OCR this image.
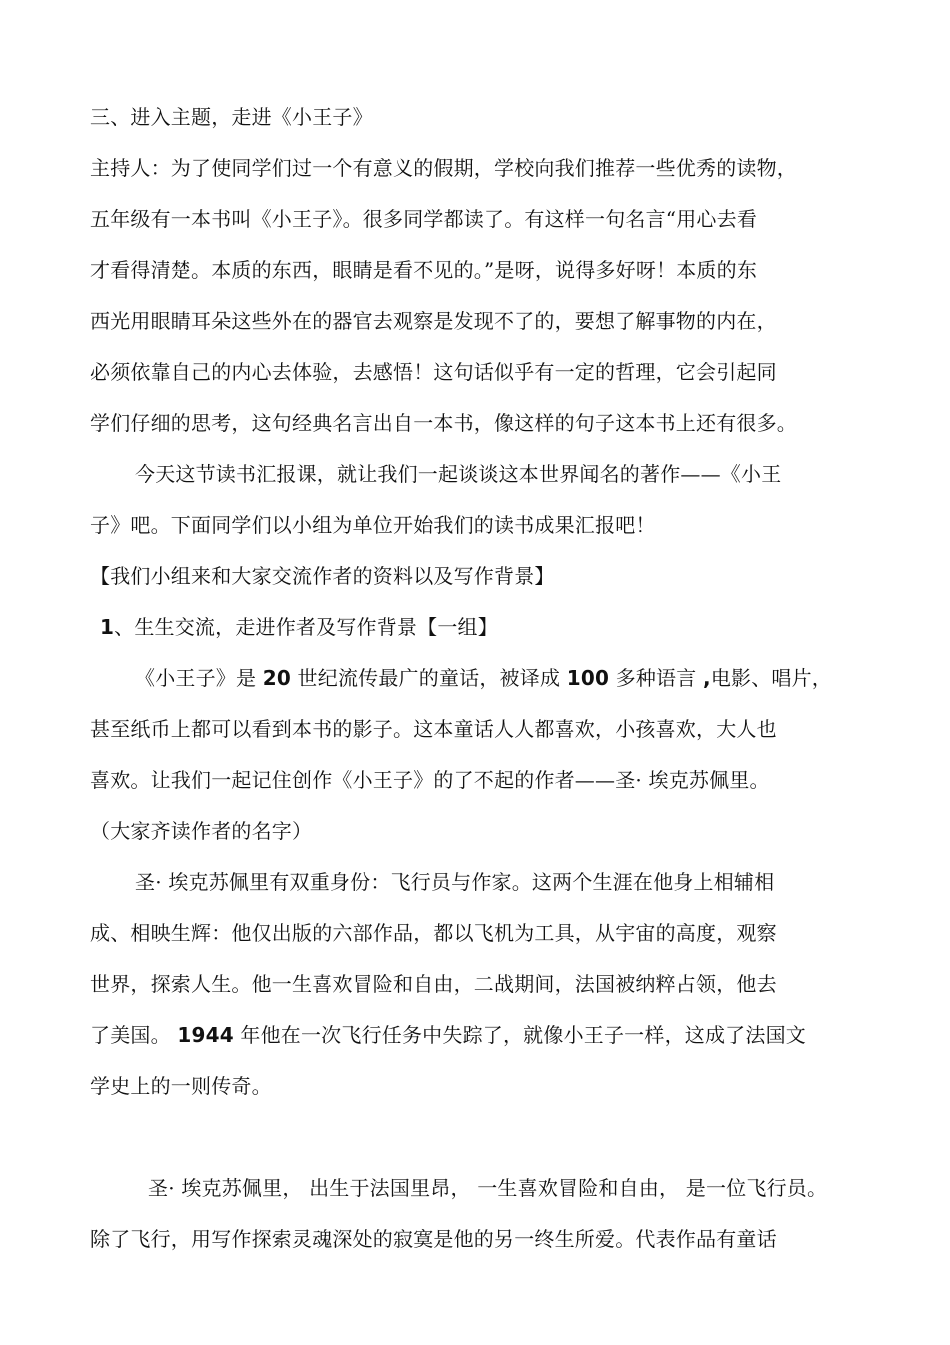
三、进入主题，走进《小王子》
主持人：为了使同学们过一个有意义的假期，学校向我们推荐一些优秀的读物，
五年级有一本书叫《小王子》。很多同学都读了。有这样一句名言“用心去看
才看得清楚。本质的东西，眼睛是看不见的。”是呀，说得多好呀！本质的东
西光用眼睛耳朵这些外在的器官去观察是发现不了的，要想了解事物的内在，
必须依靠自己的内心去体验，去感悟！这句话似乎有一定的哲理，它会引起同
学们仔细的思考，这句经典名言出自一本书，像这样的句子这本书上还有很多。
今天这节读书汇报课，就让我们一起谈谈这本世界闻名的著作——《小王
子》吧。下面同学们以小组为单位开始我们的读书成果汇报吧！
【我们小组来和大家交流作者的资料以及写作背景】
1、生生交流，走进作者及写作背景【一组】
《小王子》是 20 世纪流传最广的童话，被译成 100 多种语言 ,电影、唱片，
甚至纸币上都可以看到本书的影子。这本童话人人都喜欢，小孩喜欢，大人也
喜欢。让我们一起记住创作《小王子》的了不起的作者——圣· 埃克苏佩里。
（大家齐读作者的名字）
圣· 埃克苏佩里有双重身份：飞行员与作家。这两个生涯在他身上相辅相
成、相映生辉：他仅出版的六部作品，都以飞机为工具，从宇宙的高度，观察
世界，探索人生。他一生喜欢冒险和自由，二战期间，法国被纳粹占领，他去
了美国。 1944 年他在一次飞行任务中失踪了，就像小王子一样，这成了法国文
学史上的一则传奇。
圣· 埃克苏佩里， 出生于法国里昂， 一生喜欢冒险和自由， 是一位飞行员。
除了飞行，用写作探索灵魂深处的寂寞是他的另一终生所爱。代表作品有童话
